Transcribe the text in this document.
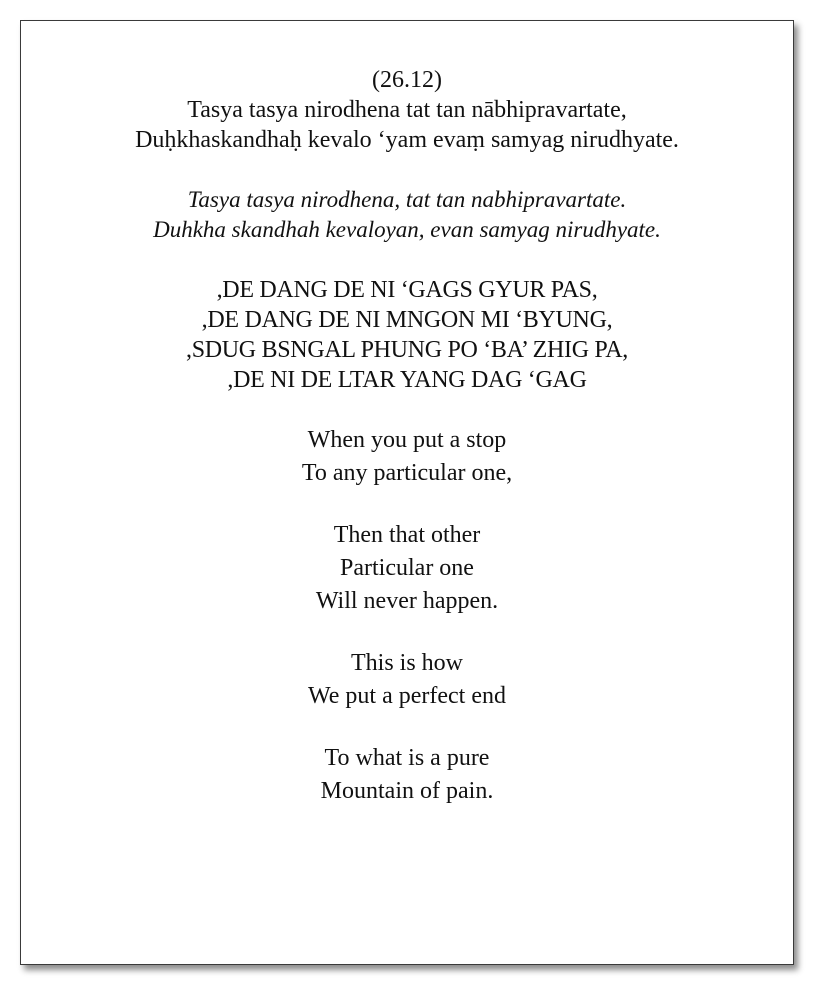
(26.12)
Tasya tasya nirodhena tat tan nābhipravartate,
Duḥkhaskandhaḥ kevalo ‘yam evaṃ samyag nirudhyate.
Tasya tasya nirodhena, tat tan nabhipravartate.
Duhkha skandhah kevaloyan, evan samyag nirudhyate.
,DE DANG DE NI ‘GAGS GYUR PAS,
,DE DANG DE NI MNGON MI ‘BYUNG,
,SDUG BSNGAL PHUNG PO ‘BA’ ZHIG PA,
,DE NI DE LTAR YANG DAG ‘GAG
When you put a stop
To any particular one,
Then that other
Particular one
Will never happen.
This is how
We put a perfect end
To what is a pure
Mountain of pain.
